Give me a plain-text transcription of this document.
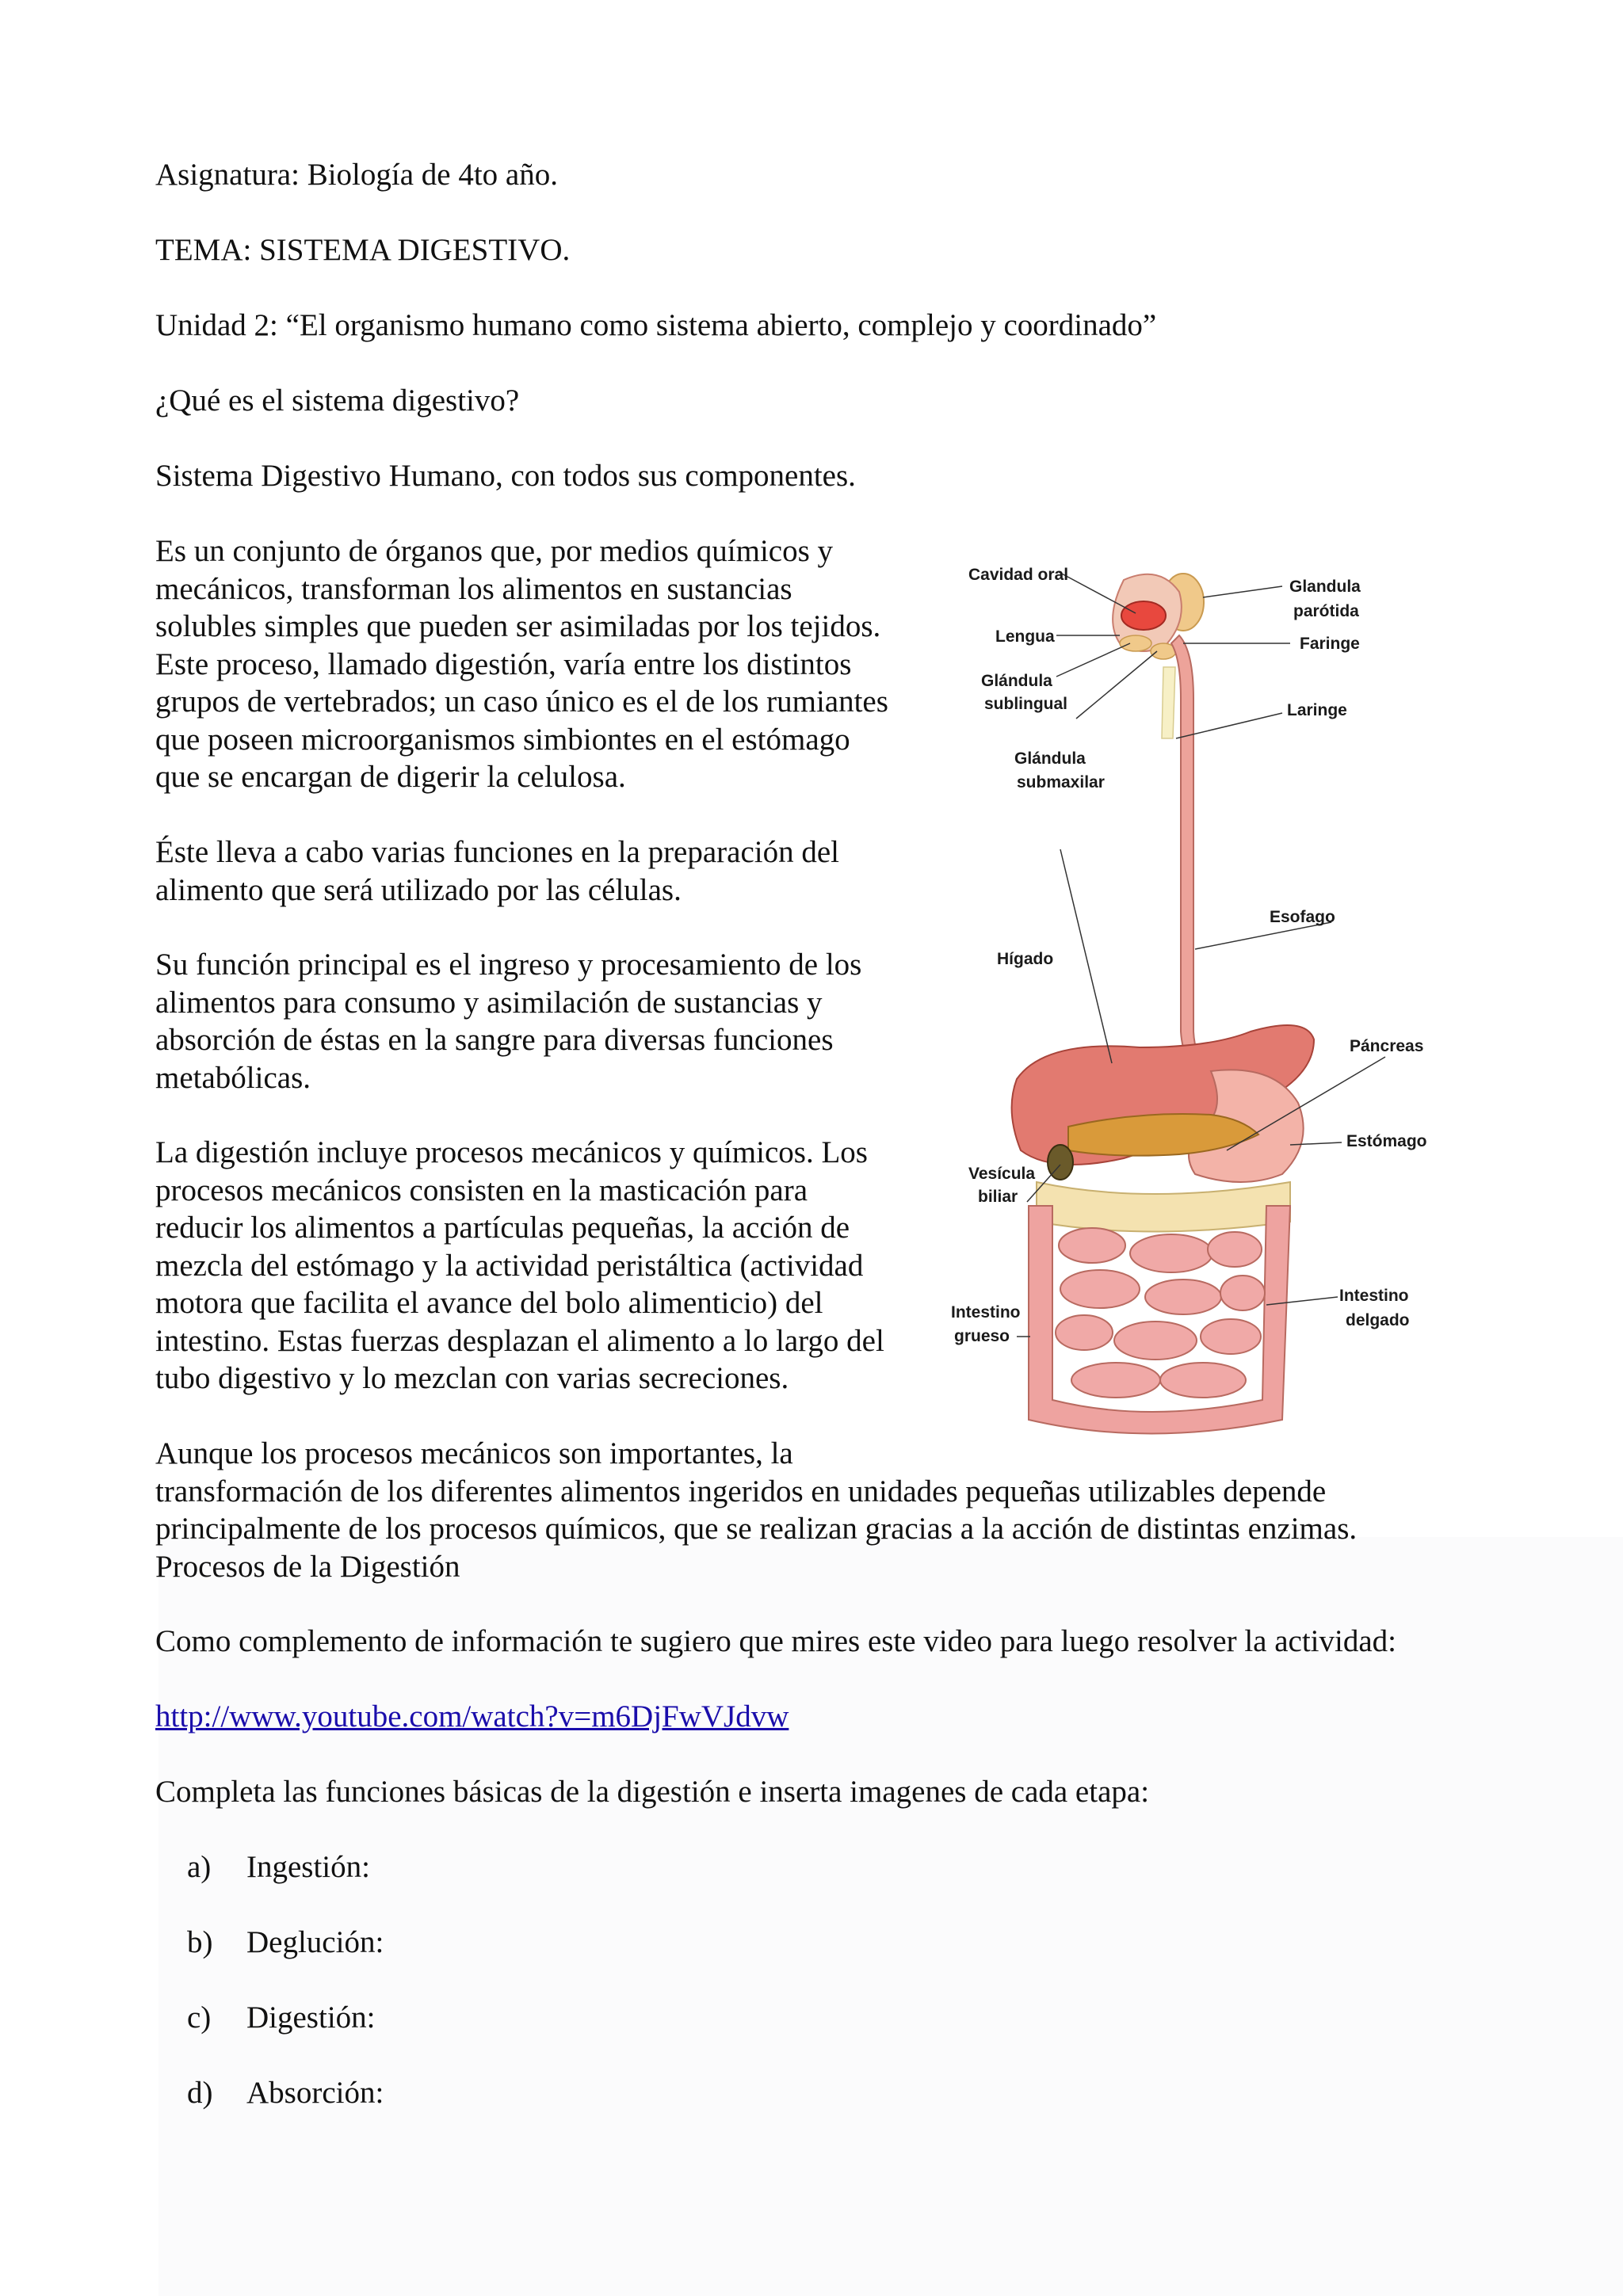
Asignatura: Biología de 4to año.

TEMA: SISTEMA DIGESTIVO.

Unidad 2: “El organismo humano como sistema abierto, complejo y coordinado”

¿Qué es el sistema digestivo?

Sistema Digestivo Humano, con todos sus componentes.

Es un conjunto de órganos que, por medios químicos y

mecánicos, transforman los alimentos en sustancias

solubles simples que pueden ser asimiladas por los tejidos.

Este proceso, llamado digestión, varía entre los distintos

grupos de vertebrados; un caso único es el de los rumiantes

que poseen microorganismos simbiontes en el estómago

que se encargan de digerir la celulosa.

Éste lleva a cabo varias funciones en la preparación del

alimento que será utilizado por las células.

Su función principal es el ingreso y procesamiento de los

alimentos para consumo y asimilación de sustancias y

absorción de éstas en la sangre para diversas funciones

metabólicas.

La digestión incluye procesos mecánicos y químicos. Los

procesos mecánicos consisten en la masticación para

reducir los alimentos a partículas pequeñas, la acción de

mezcla del estómago y la actividad peristáltica (actividad

motora que facilita el avance del bolo alimenticio) del

intestino. Estas fuerzas desplazan el alimento a lo largo del

tubo digestivo y lo mezclan con varias secreciones.

Aunque los procesos mecánicos son importantes, la

transformación de los diferentes alimentos ingeridos en unidades pequeñas utilizables depende

principalmente de los procesos químicos, que se realizan gracias a la acción de distintas enzimas.

Procesos de la Digestión

Como complemento de información te sugiero que mires este video para luego resolver la actividad:

http://www.youtube.com/watch?v=m6DjFwVJdvw

Completa las funciones básicas de la digestión e inserta imagenes de cada etapa:

a) Ingestión:

b) Deglución:

c) Digestión:

d) Absorción:

Cavidad oral
Lengua
Glándula
sublingual
Glándula
submaxilar
Glandula
parótida
Faringe
Laringe
Esofago
Hígado
Páncreas
Estómago
Vesícula
biliar
Intestino
grueso
Intestino
delgado
